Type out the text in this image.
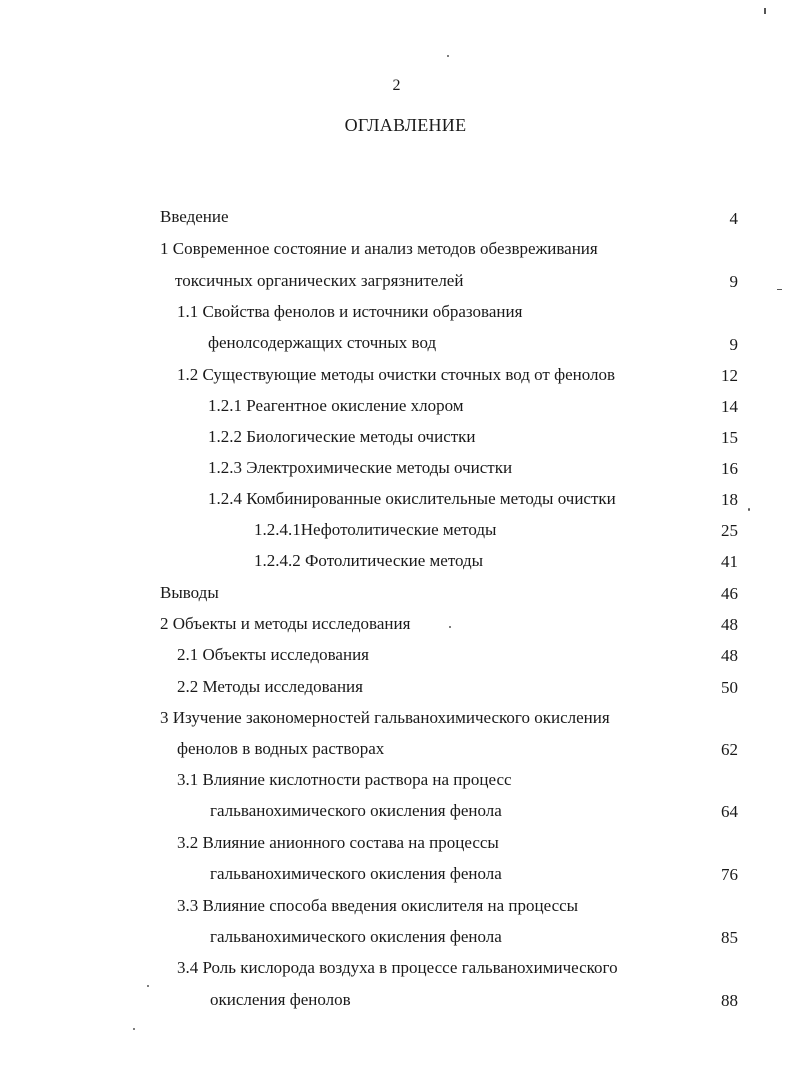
2
ОГЛАВЛЕНИЕ
Введение	4
1 Современное состояние и анализ методов обезвреживания
токсичных органических загрязнителей	9
1.1 Свойства фенолов и источники образования
фенолсодержащих сточных вод	9
1.2 Существующие методы очистки сточных вод от фенолов	12
1.2.1 Реагентное окисление хлором	14
1.2.2 Биологические методы очистки	15
1.2.3 Электрохимические методы очистки	16
1.2.4 Комбинированные окислительные методы очистки	18
1.2.4.1Нефотолитические методы	25
1.2.4.2 Фотолитические методы	41
Выводы	46
2 Объекты и методы исследования	48
2.1 Объекты исследования	48
2.2 Методы исследования	50
3 Изучение закономерностей гальванохимического окисления
фенолов в водных растворах	62
3.1 Влияние кислотности раствора на процесс
гальванохимического окисления фенола	64
3.2 Влияние анионного состава на процессы
гальванохимического окисления фенола	76
3.3 Влияние способа введения окислителя на процессы
гальванохимического окисления фенола	85
3.4 Роль кислорода воздуха в процессе гальванохимического
окисления фенолов	88
